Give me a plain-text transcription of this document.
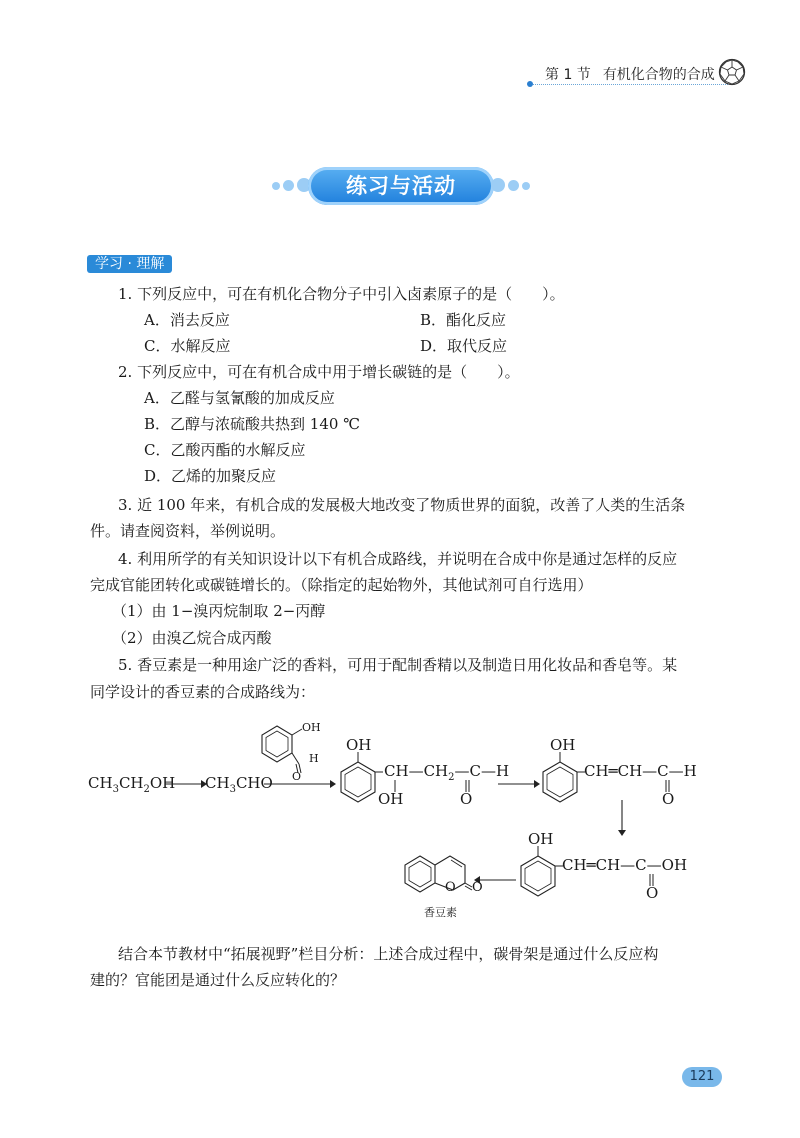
第 1 节 有机化合物的合成
练习与活动
学习 · 理解
1. 下列反应中，可在有机化合物分子中引入卤素原子的是（　　）。
A．消去反应	B．酯化反应
C．水解反应	D．取代反应
2. 下列反应中，可在有机合成中用于增长碳链的是（　　）。
A．乙醛与氢氰酸的加成反应
B．乙醇与浓硫酸共热到 140 ℃
C．乙酸丙酯的水解反应
D．乙烯的加聚反应
3. 近 100 年来，有机合成的发展极大地改变了物质世界的面貌，改善了人类的生活条
件。请查阅资料，举例说明。
4. 利用所学的有关知识设计以下有机合成路线，并说明在合成中你是通过怎样的反应
完成官能团转化或碳链增长的。（除指定的起始物外，其他试剂可自行选用）
（1）由 1−溴丙烷制取 2−丙醇
（2）由溴乙烷合成丙酸
5. 香豆素是一种用途广泛的香料，可用于配制香精以及制造日用化妆品和香皂等。某
同学设计的香豆素的合成路线为：
$CH_3CH_2OH$ $CH_3CHO$
OH
H
O
OH
$CH—CH_2—C—H$
OH	O
OH
CH═CH—C—H
O
OH
CH═CH—C—OH
O
O O
香豆素
结合本节教材中“拓展视野”栏目分析：上述合成过程中，碳骨架是通过什么反应构
建的？官能团是通过什么反应转化的？
121
